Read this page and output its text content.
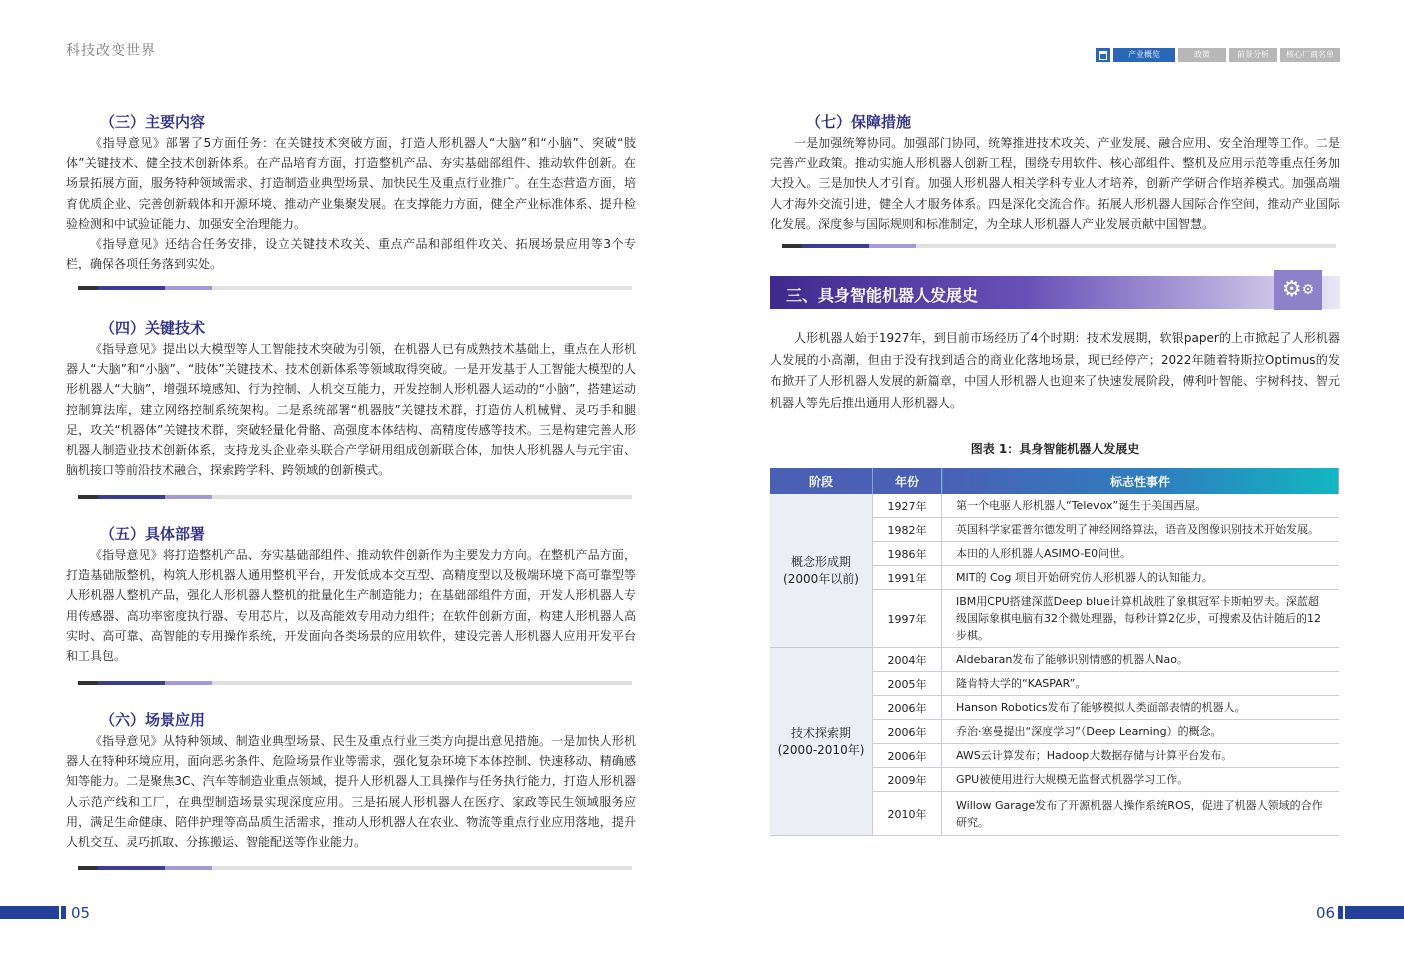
科技改变世界	产业概览	政策	前景分析	核心厂商名单
（三）主要内容

《指导意见》部署了5方面任务：在关键技术突破方面，打造人形机器人“大脑”和“小脑”、突破“肢体”关键技术、健全技术创新体系。在产品培育方面，打造整机产品、夯实基础部组件、推动软件创新。在场景拓展方面，服务特种领域需求、打造制造业典型场景、加快民生及重点行业推广。在生态营造方面，培育优质企业、完善创新载体和开源环境、推动产业集聚发展。在支撑能力方面，健全产业标准体系、提升检验检测和中试验证能力、加强安全治理能力。

《指导意见》还结合任务安排，设立关键技术攻关、重点产品和部组件攻关、拓展场景应用等3个专栏，确保各项任务落到实处。

（四）关键技术

《指导意见》提出以大模型等人工智能技术突破为引领，在机器人已有成熟技术基础上，重点在人形机器人“大脑”和“小脑”、“肢体”关键技术、技术创新体系等领域取得突破。一是开发基于人工智能大模型的人形机器人“大脑”，增强环境感知、行为控制、人机交互能力，开发控制人形机器人运动的“小脑”，搭建运动控制算法库，建立网络控制系统架构。二是系统部署“机器肢”关键技术群，打造仿人机械臂、灵巧手和腿足，攻关“机器体”关键技术群，突破轻量化骨骼、高强度本体结构、高精度传感等技术。三是构建完善人形机器人制造业技术创新体系，支持龙头企业牵头联合产学研用组成创新联合体，加快人形机器人与元宇宙、脑机接口等前沿技术融合，探索跨学科、跨领域的创新模式。

（五）具体部署

《指导意见》将打造整机产品、夯实基础部组件、推动软件创新作为主要发力方向。在整机产品方面，打造基础版整机，构筑人形机器人通用整机平台，开发低成本交互型、高精度型以及极端环境下高可靠型等人形机器人整机产品，强化人形机器人整机的批量化生产制造能力；在基础部组件方面，开发人形机器人专用传感器、高功率密度执行器、专用芯片，以及高能效专用动力组件；在软件创新方面，构建人形机器人高实时、高可靠、高智能的专用操作系统，开发面向各类场景的应用软件，建设完善人形机器人应用开发平台和工具包。

（六）场景应用

《指导意见》从特种领域、制造业典型场景、民生及重点行业三类方向提出意见措施。一是加快人形机器人在特种环境应用，面向恶劣条件、危险场景作业等需求，强化复杂环境下本体控制、快速移动、精确感知等能力。二是聚焦3C、汽车等制造业重点领域，提升人形机器人工具操作与任务执行能力，打造人形机器人示范产线和工厂，在典型制造场景实现深度应用。三是拓展人形机器人在医疗、家政等民生领域服务应用，满足生命健康、陪伴护理等高品质生活需求，推动人形机器人在农业、物流等重点行业应用落地，提升人机交互、灵巧抓取、分拣搬运、智能配送等作业能力。

（七）保障措施

一是加强统筹协同。加强部门协同，统筹推进技术攻关、产业发展、融合应用、安全治理等工作。二是完善产业政策。推动实施人形机器人创新工程，围绕专用软件、核心部组件、整机及应用示范等重点任务加大投入。三是加快人才引育。加强人形机器人相关学科专业人才培养，创新产学研合作培养模式。加强高端人才海外交流引进，健全人才服务体系。四是深化交流合作。拓展人形机器人国际合作空间，推动产业国际化发展。深度参与国际规则和标准制定，为全球人形机器人产业发展贡献中国智慧。

三、具身智能机器人发展史	⚙ ⚙

人形机器人始于1927年，到目前市场经历了4个时期：技术发展期，软银paper的上市掀起了人形机器人发展的小高潮，但由于没有找到适合的商业化落地场景，现已经停产；2022年随着特斯拉Optimus的发布掀开了人形机器人发展的新篇章，中国人形机器人也迎来了快速发展阶段，傅利叶智能、宇树科技、智元机器人等先后推出通用人形机器人。

图表 1：具身智能机器人发展史
阶段	年份	标志性事件
概念形成期
(2000年以前)	1927年	第一个电驱人形机器人“Televox”诞生于美国西屋。
	1982年	英国科学家霍普尔德发明了神经网络算法，语音及图像识别技术开始发展。
	1986年	本田的人形机器人ASIMO-E0问世。
	1991年	MIT的 Cog 项目开始研究仿人形机器人的认知能力。
	1997年	IBM用CPU搭建深蓝Deep blue计算机战胜了象棋冠军卡斯帕罗夫。深蓝超级国际象棋电脑有32个微处理器，每秒计算2亿步，可搜索及估计随后的12步棋。
技术探索期
(2000-2010年)	2004年	Aldebaran发布了能够识别情感的机器人Nao。
	2005年	隆肯特大学的“KASPAR”。
	2006年	Hanson Robotics发布了能够模拟人类面部表情的机器人。
	2006年	乔治·塞曼提出“深度学习”（Deep Learning）的概念。
	2006年	AWS云计算发布；Hadoop大数据存储与计算平台发布。
	2009年	GPU被使用进行大规模无监督式机器学习工作。
	2010年	Willow Garage发布了开源机器人操作系统ROS，促进了机器人领域的合作研究。
05	06
